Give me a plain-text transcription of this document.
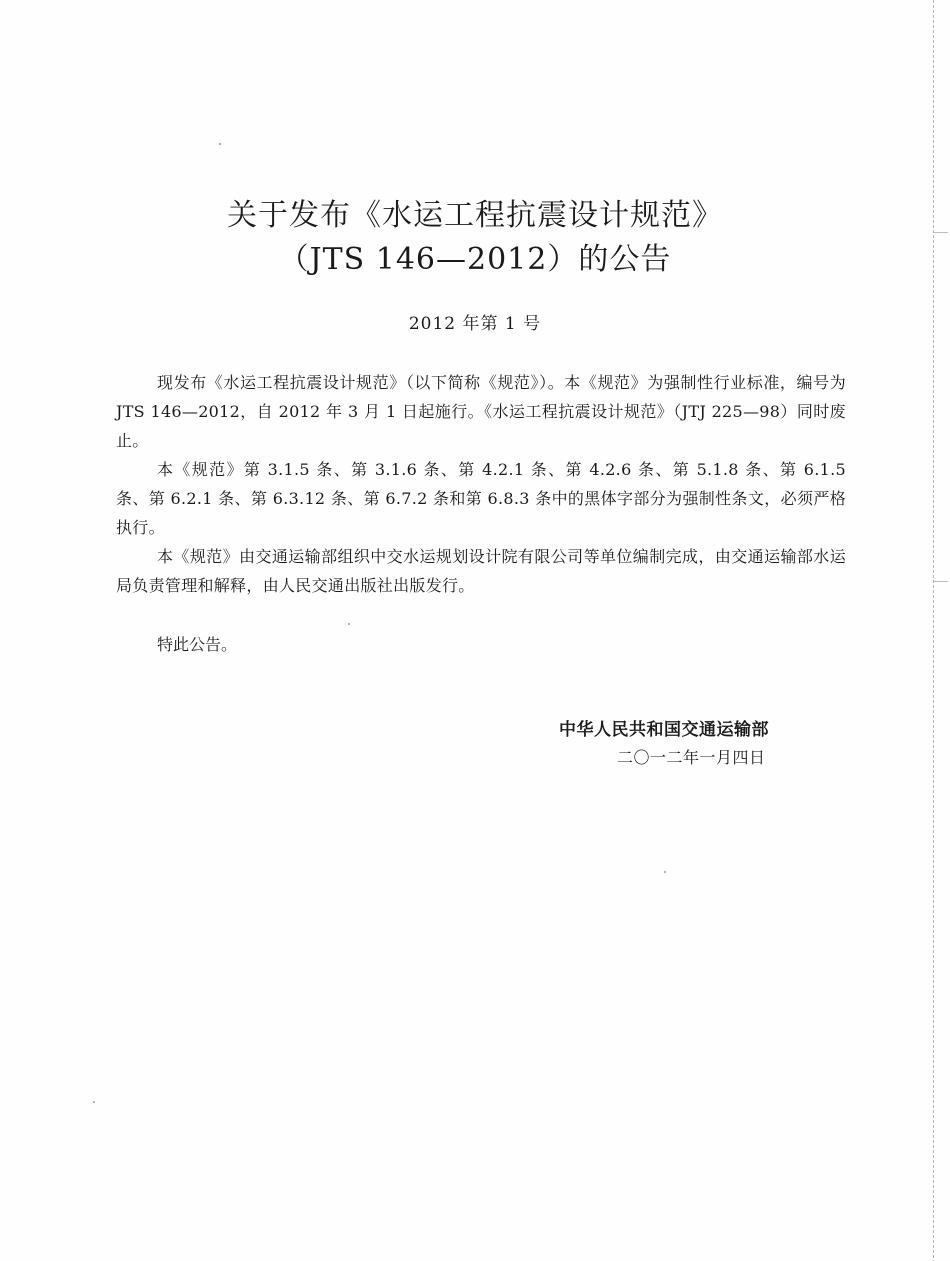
关于发布《水运工程抗震设计规范》
（JTS 146—2012）的公告
2012 年第 1 号

现发布《水运工程抗震设计规范》（以下简称《规范》）。本《规范》为强制性行业标准，编号为 JTS 146—2012，自 2012 年 3 月 1 日起施行。《水运工程抗震设计规范》（JTJ 225—98）同时废止。

本《规范》第 3.1.5 条、第 3.1.6 条、第 4.2.1 条、第 4.2.6 条、第 5.1.8 条、第 6.1.5 条、第 6.2.1 条、第 6.3.12 条、第 6.7.2 条和第 6.8.3 条中的黑体字部分为强制性条文，必须严格执行。

本《规范》由交通运输部组织中交水运规划设计院有限公司等单位编制完成，由交通运输部水运局负责管理和解释，由人民交通出版社出版发行。

特此公告。
中华人民共和国交通运输部
二〇一二年一月四日
